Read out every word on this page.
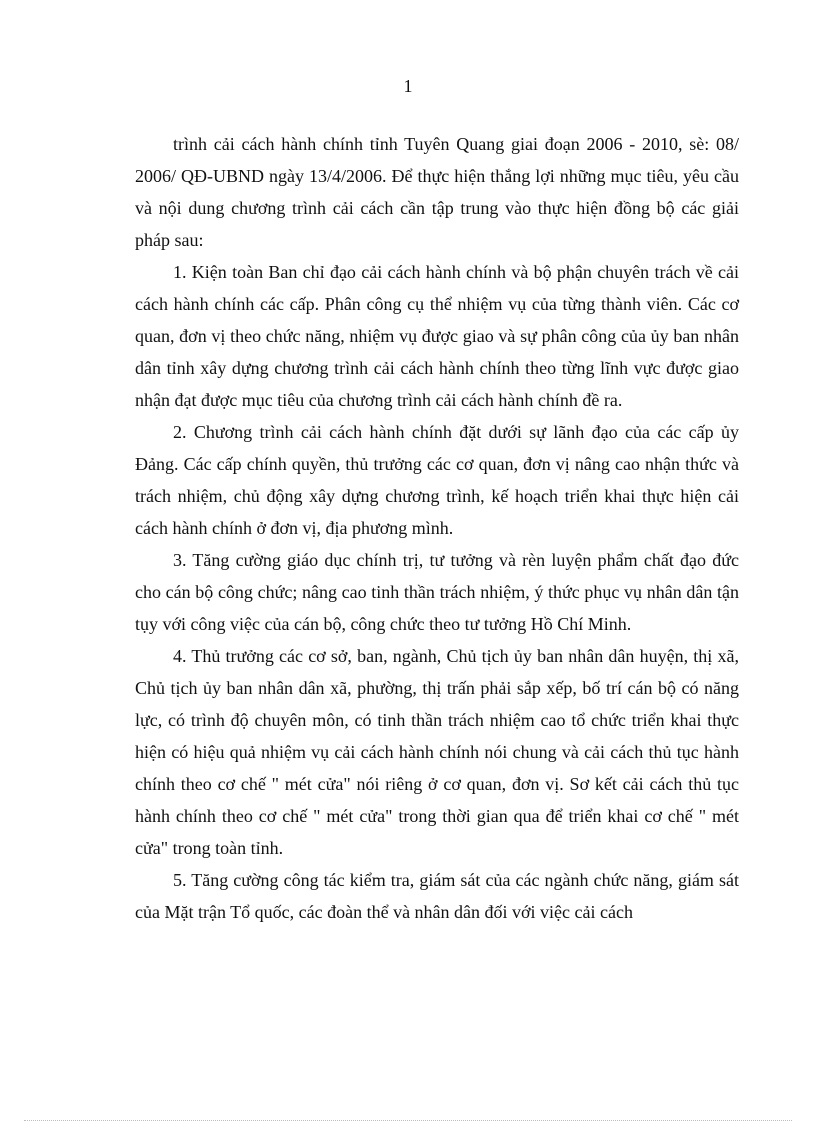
1

trình cải cách hành chính tỉnh Tuyên Quang giai đoạn 2006 - 2010, sè: 08/ 2006/ QĐ-UBND ngày 13/4/2006. Để thực hiện thắng lợi những mục tiêu, yêu cầu và nội dung chương trình cải cách cần tập trung vào thực hiện đồng bộ các giải pháp sau:

1. Kiện toàn Ban chỉ đạo cải cách hành chính và bộ phận chuyên trách về cải cách hành chính các cấp. Phân công cụ thể nhiệm vụ của từng thành viên. Các cơ quan, đơn vị theo chức năng, nhiệm vụ được giao và sự phân công của ủy ban nhân dân tỉnh xây dựng chương trình cải cách hành chính theo từng lĩnh vực được giao nhận đạt được mục tiêu của chương trình cải cách hành chính đề ra.

2. Chương trình cải cách hành chính đặt dưới sự lãnh đạo của các cấp ủy Đảng. Các cấp chính quyền, thủ trưởng các cơ quan, đơn vị nâng cao nhận thức và trách nhiệm, chủ động xây dựng chương trình, kế hoạch triển khai thực hiện cải cách hành chính ở đơn vị, địa phương mình.

3. Tăng cường giáo dục chính trị, tư tưởng và rèn luyện phẩm chất đạo đức cho cán bộ công chức; nâng cao tinh thần trách nhiệm, ý thức phục vụ nhân dân tận tụy với công việc của cán bộ, công chức theo tư tưởng Hồ Chí Minh.

4. Thủ trưởng các cơ sở, ban, ngành, Chủ tịch ủy ban nhân dân huyện, thị xã, Chủ tịch ủy ban nhân dân xã, phường, thị trấn phải sắp xếp, bố trí cán bộ có năng lực, có trình độ chuyên môn, có tinh thần trách nhiệm cao tổ chức triển khai thực hiện có hiệu quả nhiệm vụ cải cách hành chính nói chung và cải cách thủ tục hành chính theo cơ chế " mét cửa" nói riêng ở cơ quan, đơn vị. Sơ kết cải cách thủ tục hành chính theo cơ chế " mét cửa" trong thời gian qua để triển khai cơ chế " mét cửa" trong toàn tỉnh.

5. Tăng cường công tác kiểm tra, giám sát của các ngành chức năng, giám sát của Mặt trận Tổ quốc, các đoàn thể và nhân dân đối với việc cải cách
